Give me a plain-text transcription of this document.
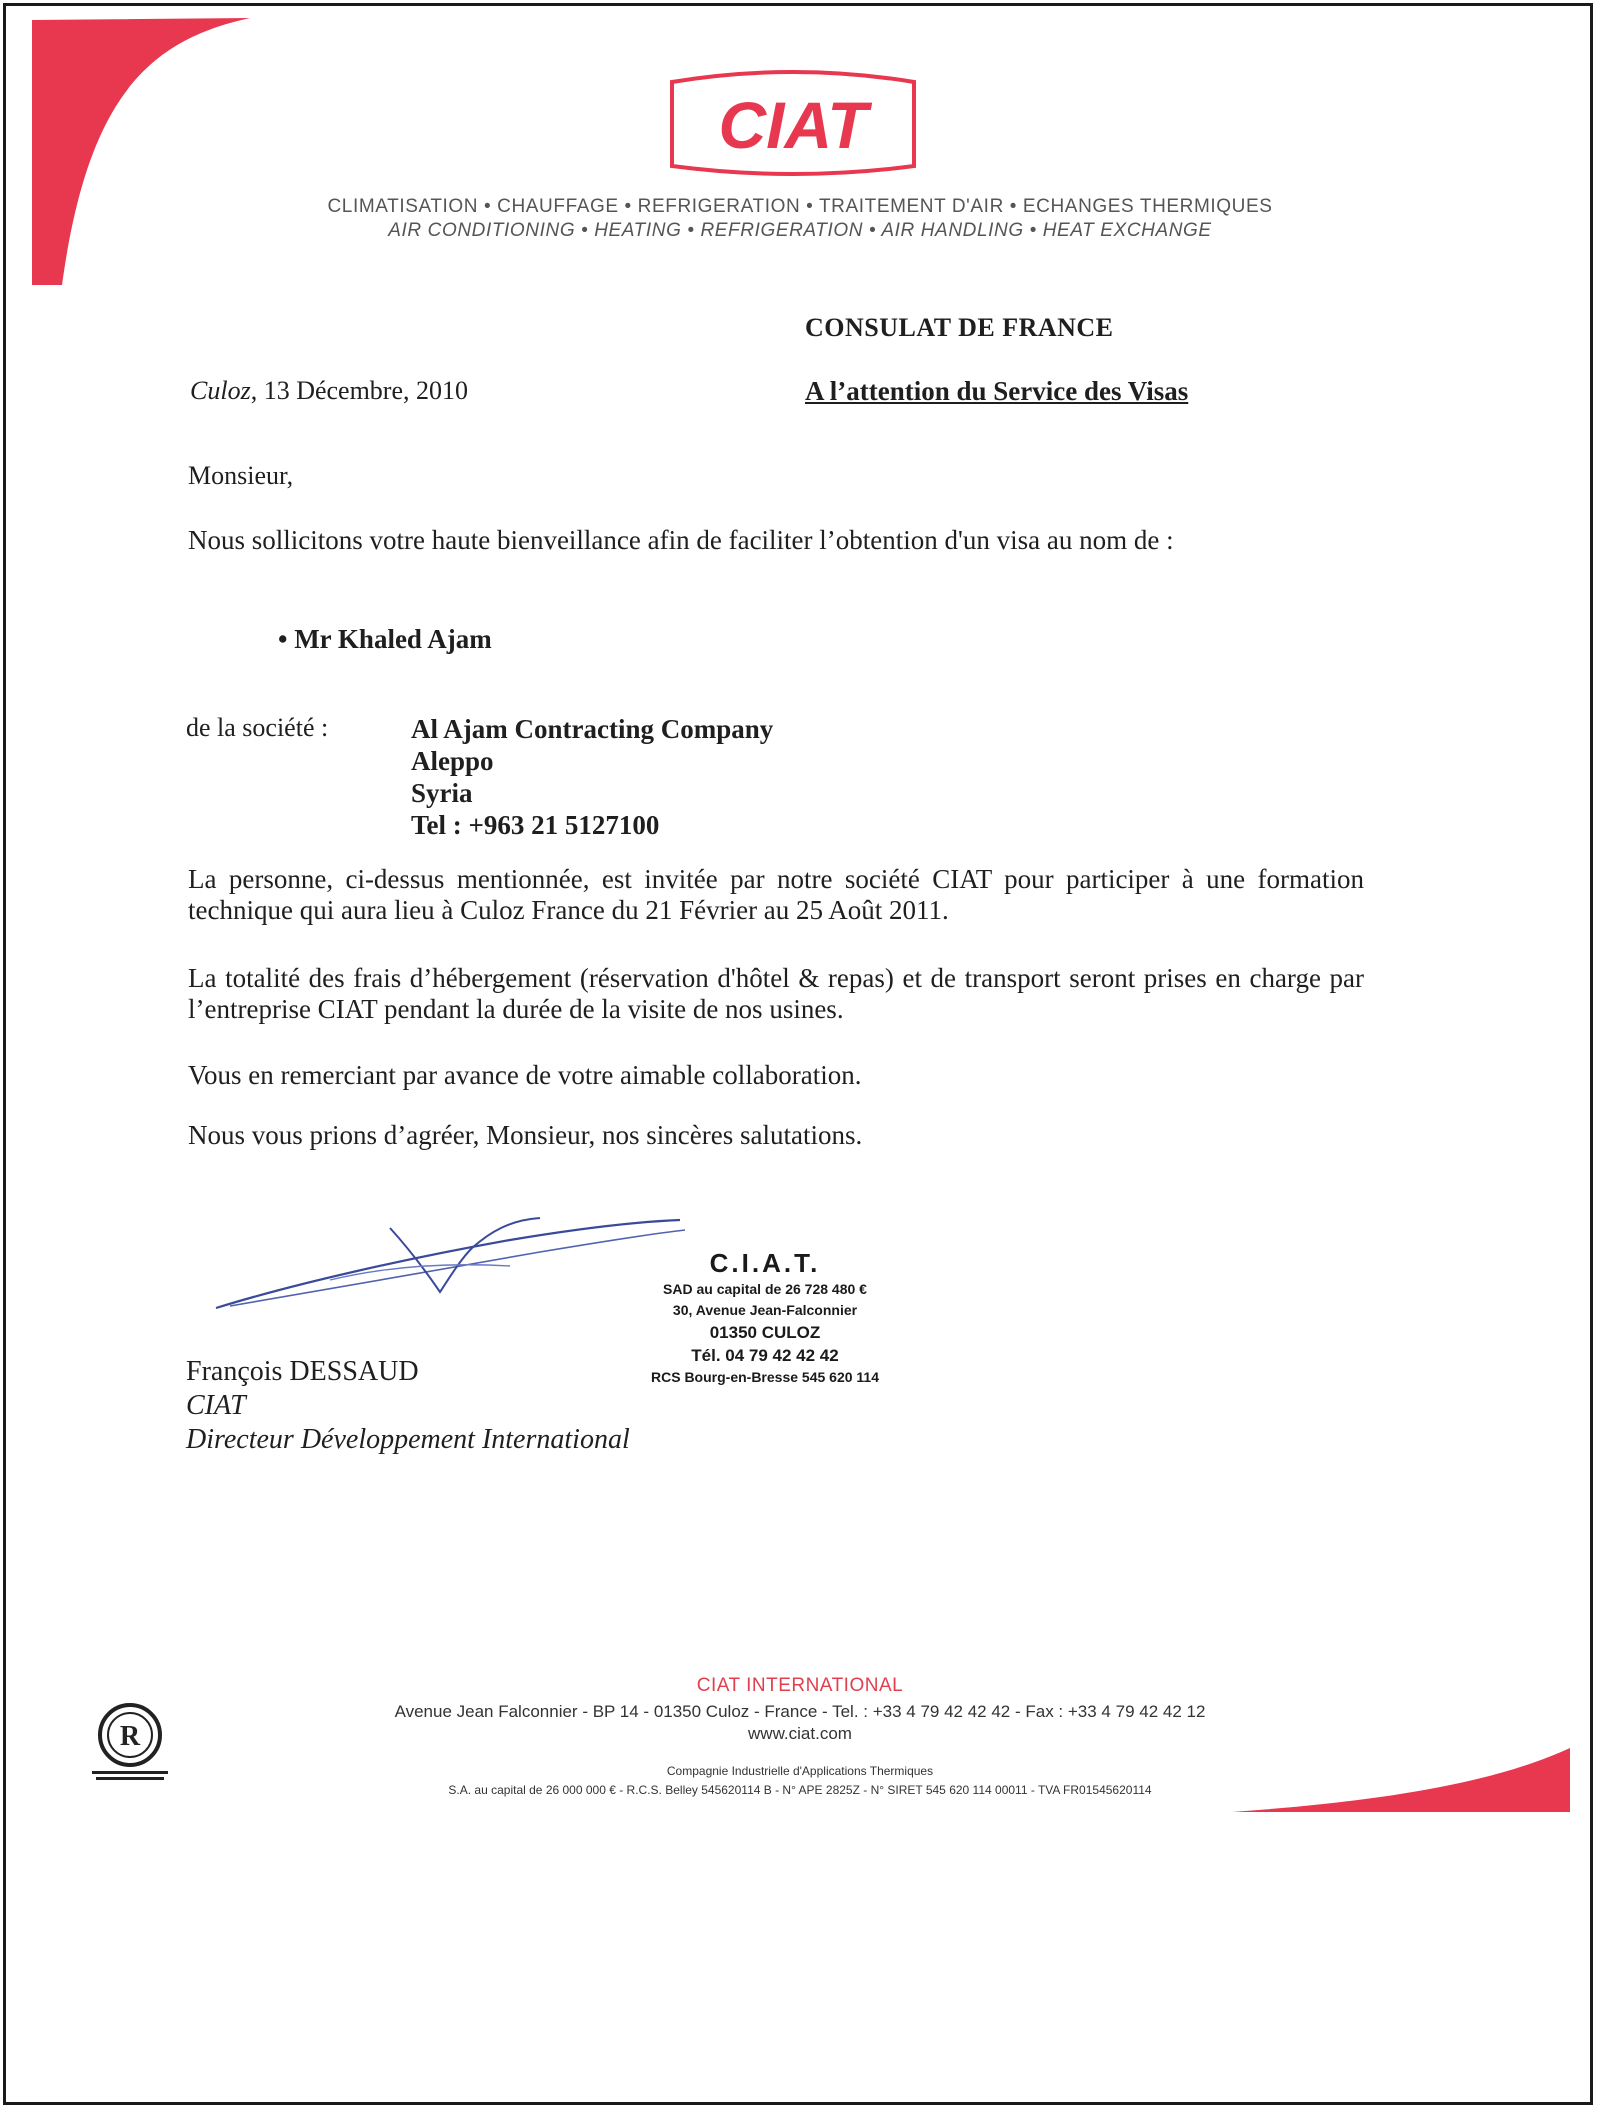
CIAT
CLIMATISATION • CHAUFFAGE • REFRIGERATION • TRAITEMENT D'AIR • ECHANGES THERMIQUES
AIR CONDITIONING • HEATING • REFRIGERATION • AIR HANDLING • HEAT EXCHANGE
CONSULAT DE FRANCE
A l’attention du Service des Visas
Culoz, 13 Décembre, 2010
Monsieur,
Nous sollicitons votre haute bienveillance afin de faciliter l’obtention d'un visa au nom de :
• Mr Khaled Ajam
de la société :	Al Ajam Contracting Company
Aleppo
Syria
Tel : +963 21 5127100
La personne, ci-dessus mentionnée, est invitée par notre société CIAT pour participer à une formation technique qui aura lieu à Culoz France du 21 Février au 25 Août 2011.
La totalité des frais d’hébergement (réservation d'hôtel & repas) et de transport seront prises en charge par l’entreprise CIAT pendant la durée de la visite de nos usines.
Vous en remerciant par avance de votre aimable collaboration.
Nous vous prions d’agréer, Monsieur, nos sincères salutations.
C.I.A.T.
SAD au capital de 26 728 480 €
30, Avenue Jean-Falconnier
01350 CULOZ
Tél. 04 79 42 42 42
RCS Bourg-en-Bresse 545 620 114
François DESSAUD
CIAT
Directeur Développement International
R
CIAT INTERNATIONAL
Avenue Jean Falconnier - BP 14 - 01350 Culoz - France - Tel. : +33 4 79 42 42 42 - Fax : +33 4 79 42 42 12
www.ciat.com
Compagnie Industrielle d'Applications Thermiques
S.A. au capital de 26 000 000 € - R.C.S. Belley 545620114 B - N° APE 2825Z - N° SIRET 545 620 114 00011 - TVA FR01545620114
